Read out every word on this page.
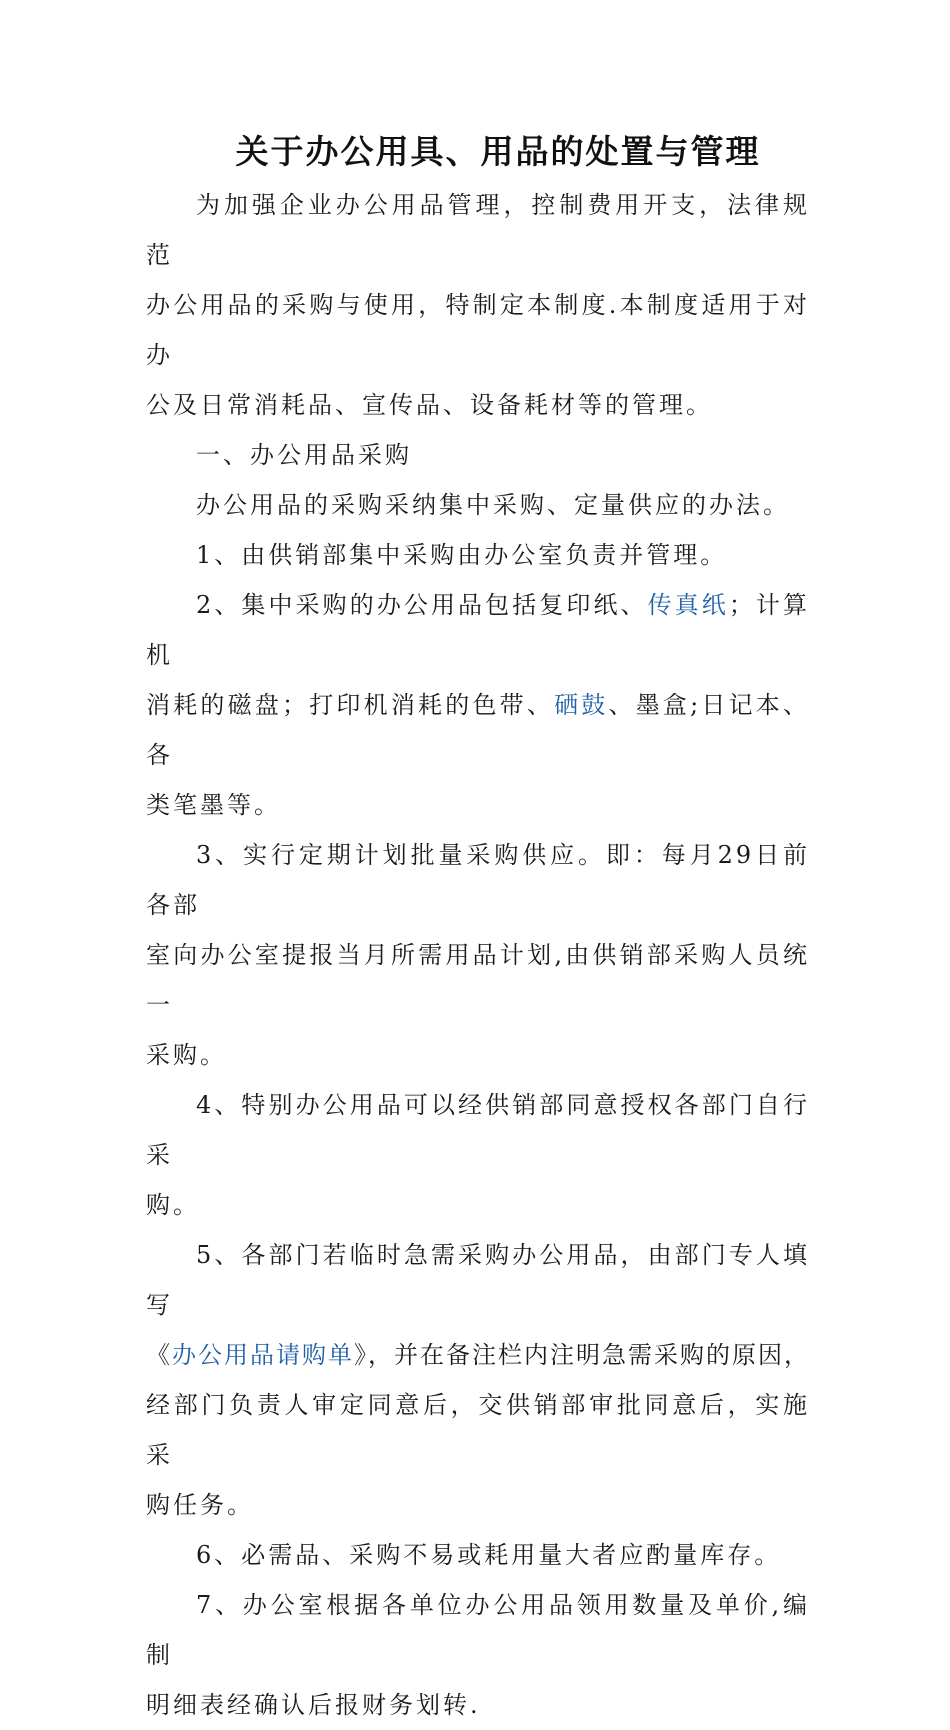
关于办公用具、用品的处置与管理
为加强企业办公用品管理，控制费用开支，法律规范
办公用品的采购与使用，特制定本制度.本制度适用于对办
公及日常消耗品、宣传品、设备耗材等的管理。
一、办公用品采购
办公用品的采购采纳集中采购、定量供应的办法。
1、由供销部集中采购由办公室负责并管理。
2、集中采购的办公用品包括复印纸、传真纸；计算机
消耗的磁盘；打印机消耗的色带、硒鼓、墨盒;日记本、各
类笔墨等。
3、实行定期计划批量采购供应。即：每月29日前各部
室向办公室提报当月所需用品计划,由供销部采购人员统一
采购。
4、特别办公用品可以经供销部同意授权各部门自行采
购。
5、各部门若临时急需采购办公用品，由部门专人填写
《办公用品请购单》，并在备注栏内注明急需采购的原因，
经部门负责人审定同意后，交供销部审批同意后，实施采
购任务。
6、必需品、采购不易或耗用量大者应酌量库存。
7、办公室根据各单位办公用品领用数量及单价,编制
明细表经确认后报财务划转.
